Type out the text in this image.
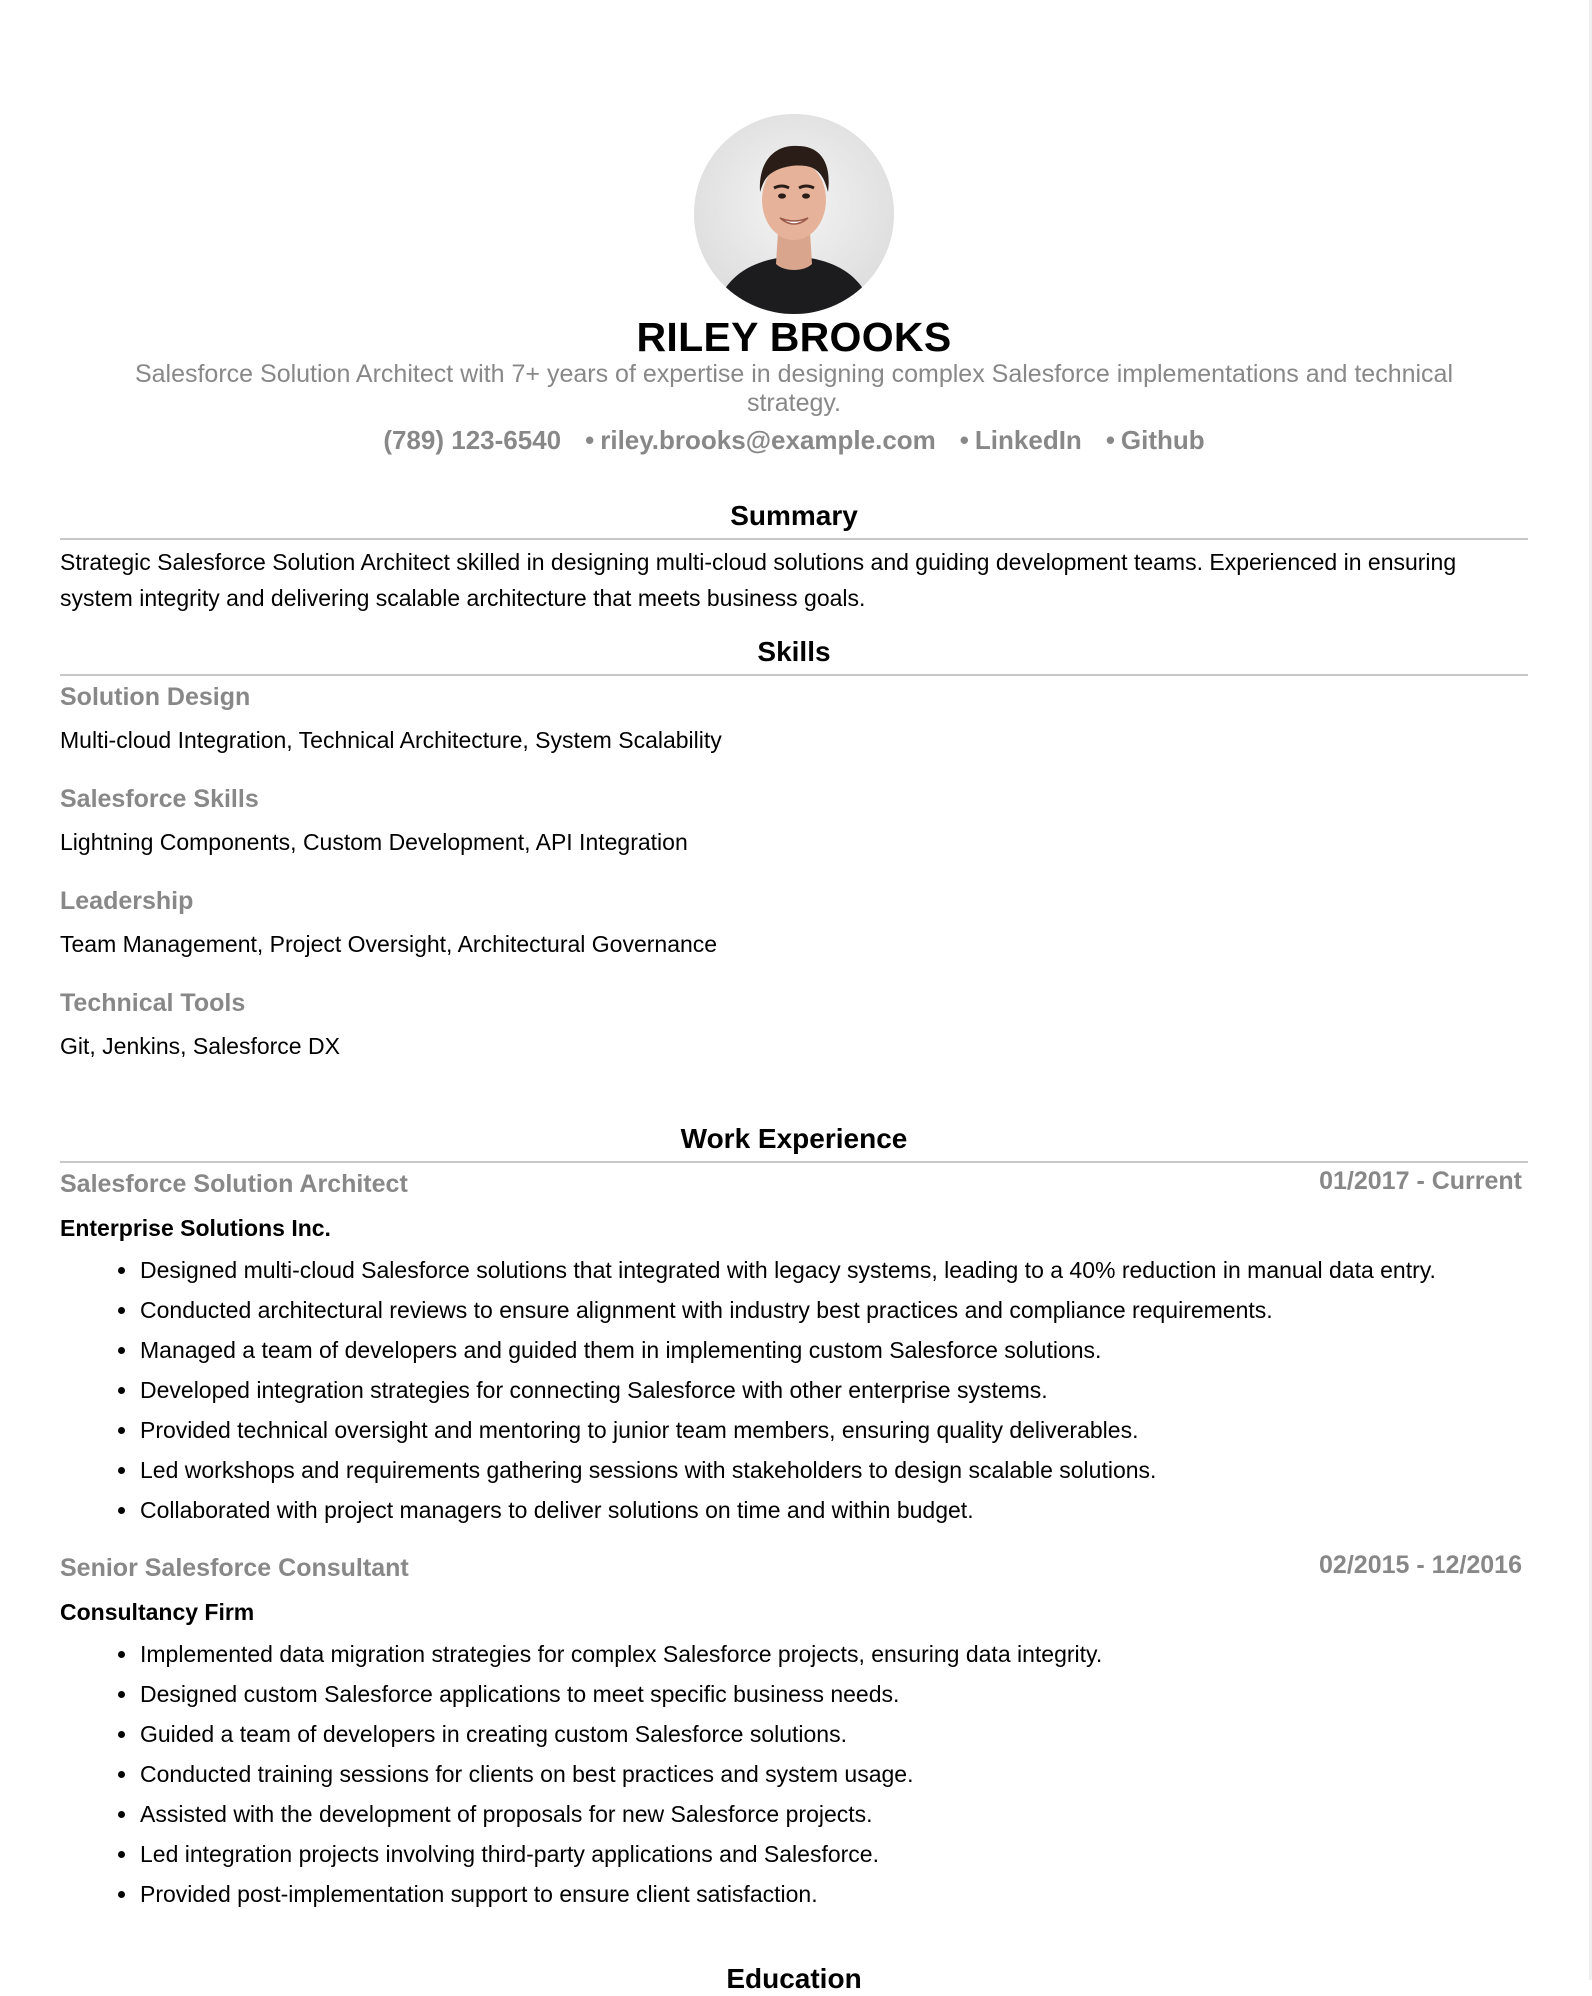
RILEY BROOKS
Salesforce Solution Architect with 7+ years of expertise in designing complex Salesforce implementations and technical
strategy.
(789) 123-6540 • riley.brooks@example.com • LinkedIn • Github
Summary

Strategic Salesforce Solution Architect skilled in designing multi-cloud solutions and guiding development teams. Experienced in ensuring system integrity and delivering scalable architecture that meets business goals.

Skills
Solution Design

Multi-cloud Integration, Technical Architecture, System Scalability

Salesforce Skills

Lightning Components, Custom Development, API Integration

Leadership

Team Management, Project Oversight, Architectural Governance

Technical Tools

Git, Jenkins, Salesforce DX

Work Experience
Salesforce Solution Architect	01/2017 - Current

Enterprise Solutions Inc.

Designed multi-cloud Salesforce solutions that integrated with legacy systems, leading to a 40% reduction in manual data entry.
Conducted architectural reviews to ensure alignment with industry best practices and compliance requirements.
Managed a team of developers and guided them in implementing custom Salesforce solutions.
Developed integration strategies for connecting Salesforce with other enterprise systems.
Provided technical oversight and mentoring to junior team members, ensuring quality deliverables.
Led workshops and requirements gathering sessions with stakeholders to design scalable solutions.
Collaborated with project managers to deliver solutions on time and within budget.
Senior Salesforce Consultant	02/2015 - 12/2016

Consultancy Firm

Implemented data migration strategies for complex Salesforce projects, ensuring data integrity.
Designed custom Salesforce applications to meet specific business needs.
Guided a team of developers in creating custom Salesforce solutions.
Conducted training sessions for clients on best practices and system usage.
Assisted with the development of proposals for new Salesforce projects.
Led integration projects involving third-party applications and Salesforce.
Provided post-implementation support to ensure client satisfaction.
Education
